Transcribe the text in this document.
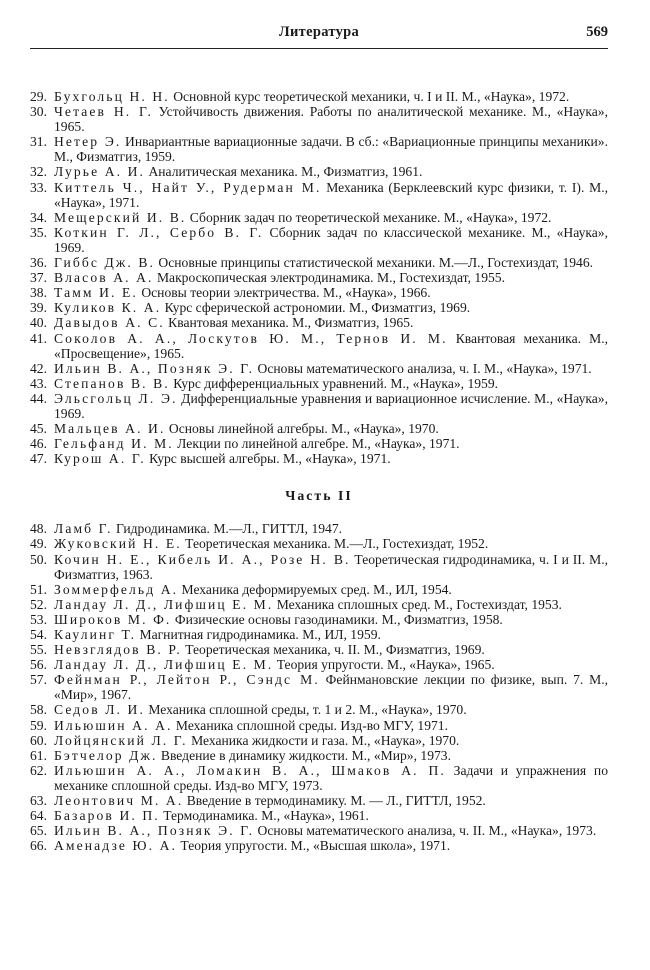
Литература	569
29. Бухгольц Н. Н. Основной курс теоретической механики, ч. I и II. М., «Наука», 1972.
30. Четаев Н. Г. Устойчивость движения. Работы по аналитической механике. М., «Наука», 1965.
31. Нетер Э. Инвариантные вариационные задачи. В сб.: «Вариационные принципы механики». М., Физматгиз, 1959.
32. Лурье А. И. Аналитическая механика. М., Физматгиз, 1961.
33. Киттель Ч., Найт У., Рудерман М. Механика (Берклеевский курс физики, т. I). М., «Наука», 1971.
34. Мещерский И. В. Сборник задач по теоретической механике. М., «Наука», 1972.
35. Коткин Г. Л., Сербо В. Г. Сборник задач по классической механике. М., «Наука», 1969.
36. Гиббс Дж. В. Основные принципы статистической механики. М.—Л., Гостехиздат, 1946.
37. Власов А. А. Макроскопическая электродинамика. М., Гостехиздат, 1955.
38. Тамм И. Е. Основы теории электричества. М., «Наука», 1966.
39. Куликов К. А. Курс сферической астрономии. М., Физматгиз, 1969.
40. Давыдов А. С. Квантовая механика. М., Физматгиз, 1965.
41. Соколов А. А., Лоскутов Ю. М., Тернов И. М. Квантовая механика. М., «Просвещение», 1965.
42. Ильин В. А., Позняк Э. Г. Основы математического анализа, ч. I. М., «Наука», 1971.
43. Степанов В. В. Курс дифференциальных уравнений. М., «Наука», 1959.
44. Эльсгольц Л. Э. Дифференциальные уравнения и вариационное исчисление. М., «Наука», 1969.
45. Мальцев А. И. Основы линейной алгебры. М., «Наука», 1970.
46. Гельфанд И. М. Лекции по линейной алгебре. М., «Наука», 1971.
47. Курош А. Г. Курс высшей алгебры. М., «Наука», 1971.
Часть II
48. Ламб Г. Гидродинамика. М.—Л., ГИТТЛ, 1947.
49. Жуковский Н. Е. Теоретическая механика. М.—Л., Гостехиздат, 1952.
50. Кочин Н. Е., Кибель И. А., Розе Н. В. Теоретическая гидродинамика, ч. I и II. М., Физматгиз, 1963.
51. Зоммерфельд А. Механика деформируемых сред. М., ИЛ, 1954.
52. Ландау Л. Д., Лифшиц Е. М. Механика сплошных сред. М., Гостехиздат, 1953.
53. Широков М. Ф. Физические основы газодинамики. М., Физматгиз, 1958.
54. Каулинг Т. Магнитная гидродинамика. М., ИЛ, 1959.
55. Невзглядов В. Р. Теоретическая механика, ч. II. М., Физматгиз, 1969.
56. Ландау Л. Д., Лифшиц Е. М. Теория упругости. М., «Наука», 1965.
57. Фейнман Р., Лейтон Р., Сэндс М. Фейнмановские лекции по физике, вып. 7. М., «Мир», 1967.
58. Седов Л. И. Механика сплошной среды, т. 1 и 2. М., «Наука», 1970.
59. Ильюшин А. А. Механика сплошной среды. Изд-во МГУ, 1971.
60. Лойцянский Л. Г. Механика жидкости и газа. М., «Наука», 1970.
61. Бэтчелор Дж. Введение в динамику жидкости. М., «Мир», 1973.
62. Ильюшин А. А., Ломакин В. А., Шмаков А. П. Задачи и упражнения по механике сплошной среды. Изд-во МГУ, 1973.
63. Леонтович М. А. Введение в термодинамику. М. — Л., ГИТТЛ, 1952.
64. Базаров И. П. Термодинамика. М., «Наука», 1961.
65. Ильин В. А., Позняк Э. Г. Основы математического анализа, ч. II. М., «Наука», 1973.
66. Аменадзе Ю. А. Теория упругости. М., «Высшая школа», 1971.
